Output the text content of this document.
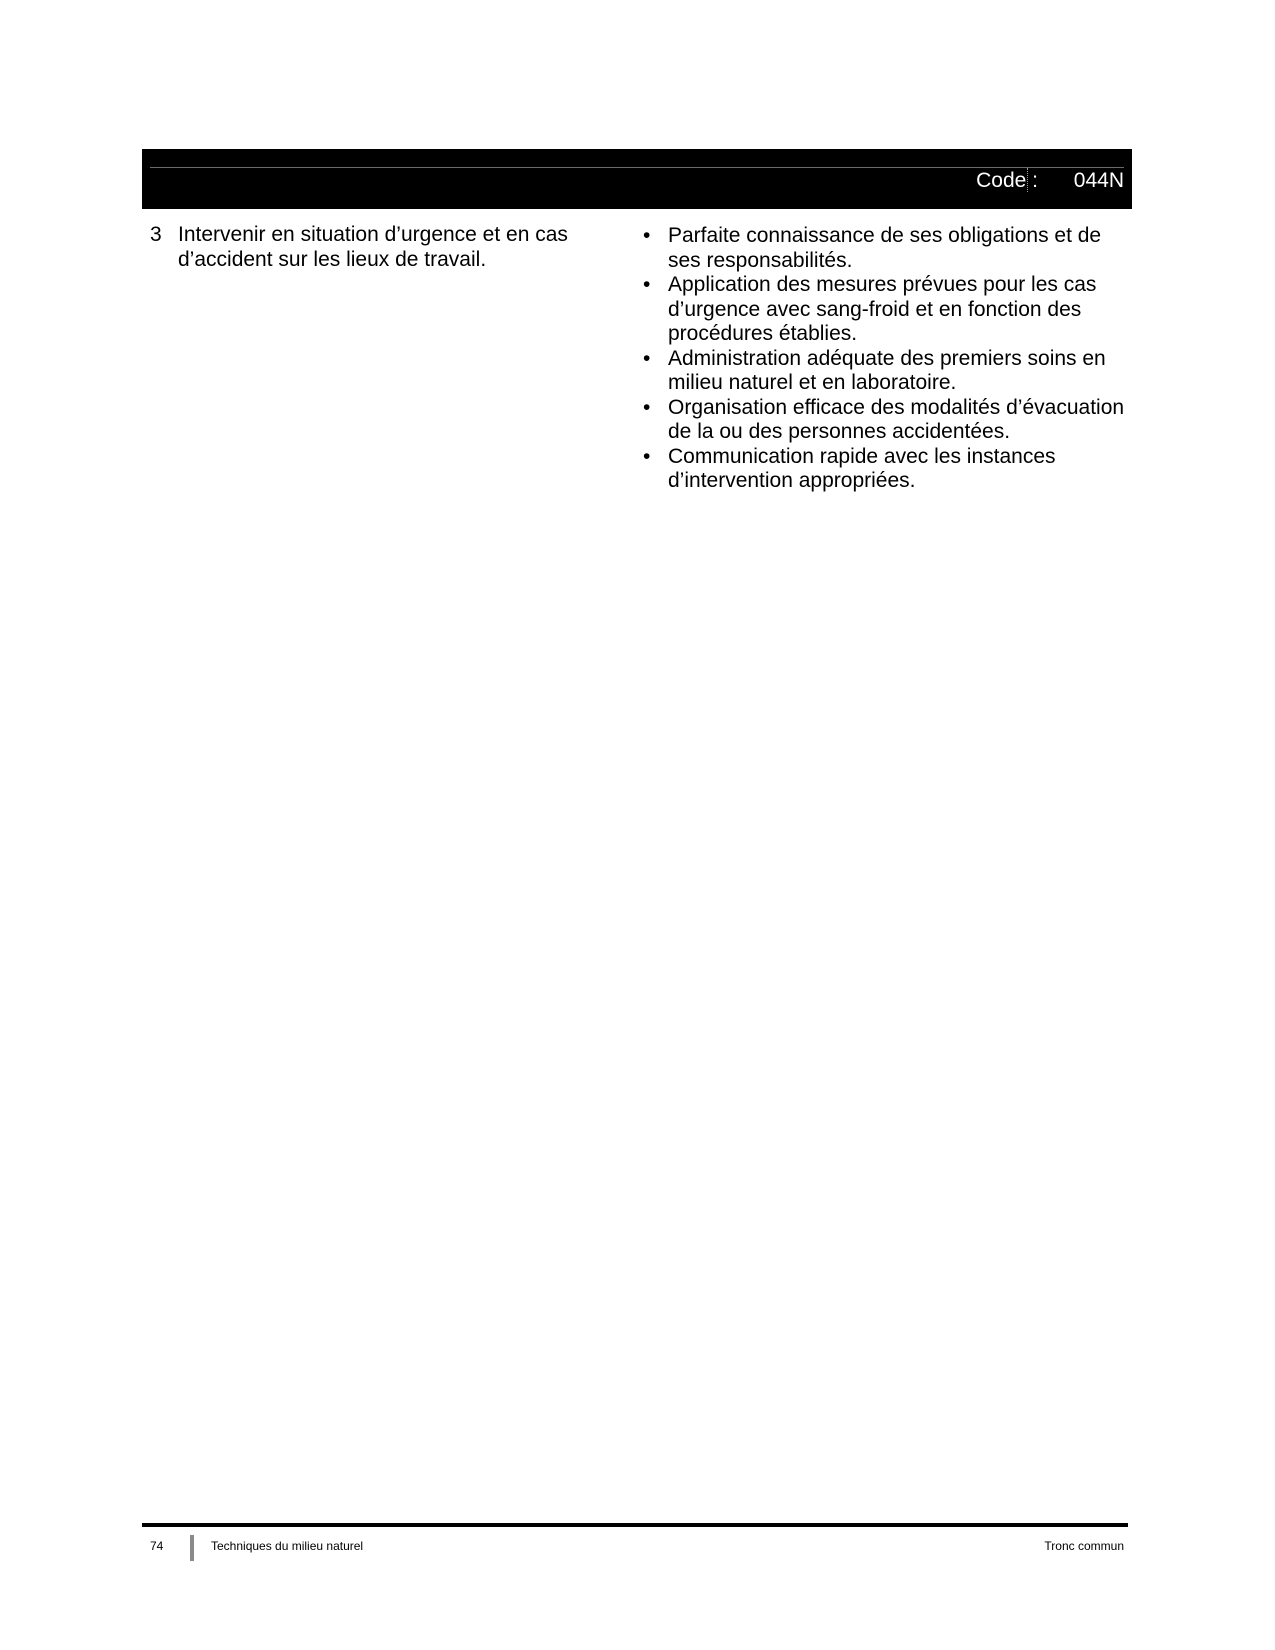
Code : 044N
3 Intervenir en situation d’urgence et en cas d’accident sur les lieux de travail.
• Parfaite connaissance de ses obligations et de ses responsabilités.
• Application des mesures prévues pour les cas d’urgence avec sang-froid et en fonction des procédures établies.
• Administration adéquate des premiers soins en milieu naturel et en laboratoire.
• Organisation efficace des modalités d’évacuation de la ou des personnes accidentées.
• Communication rapide avec les instances d’intervention appropriées.
74	Techniques du milieu naturel	Tronc commun
